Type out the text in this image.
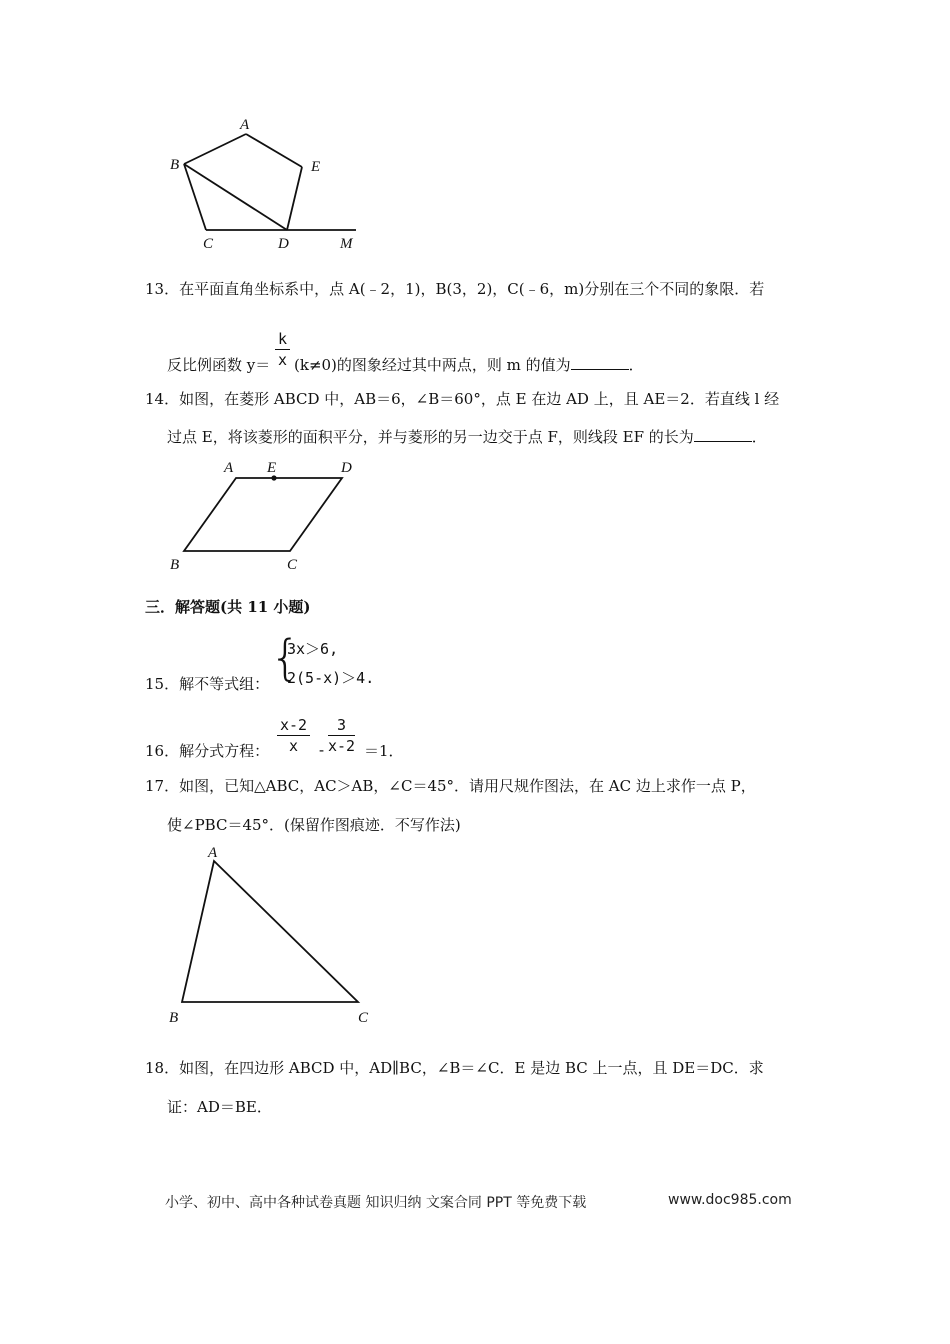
A
B	E
C	D	M
13．在平面直角坐标系中，点 A(﹣2，1)，B(3，2)，C(﹣6，m)分别在三个不同的象限．若
反比例函数 $y= \frac{k}{x} (k\ne 0)$的图象经过其中两点，则 m 的值为	．
14．如图，在菱形 ABCD 中，AB＝6，∠B＝60°，点 E 在边 AD 上，且 AE＝2．若直线 l 经
过点 E，将该菱形的面积平分，并与菱形的另一边交于点 F，则线段 EF 的长为	．
A E	D
B	C
三．解答题(共 11 小题)
15．解不等式组： {
3x＞6,
2(5-x)＞4.
16．解分式方程： $\frac{x-2}{x} - \frac{3}{x-2} =1$．
17．如图，已知△ABC，AC＞AB，∠C＝45°．请用尺规作图法，在 AC 边上求作一点 P，
使∠PBC＝45°．(保留作图痕迹．不写作法)
A
B	C
18．如图，在四边形 ABCD 中，AD∥BC，∠B＝∠C．E 是边 BC 上一点，且 DE＝DC．求
证：AD＝BE．
小学、初中、高中各种试卷真题 知识归纳 文案合同 PPT 等免费下载	www.doc985.com
